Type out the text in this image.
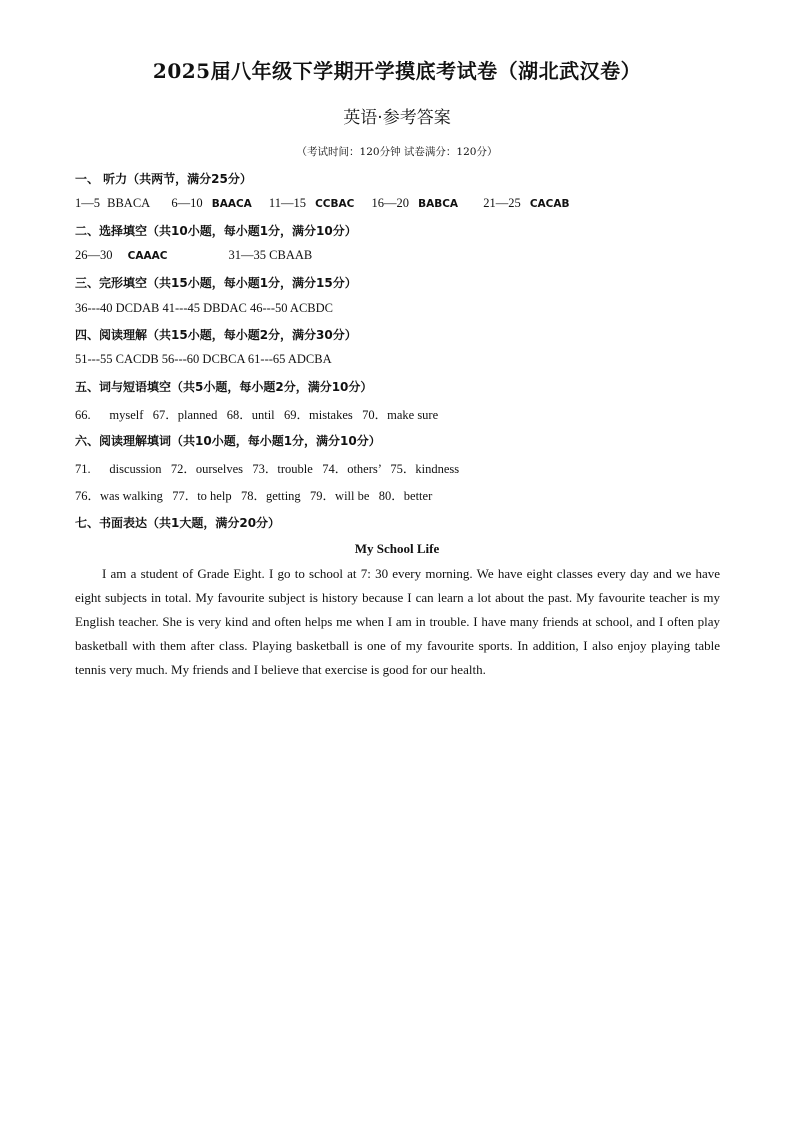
2025届八年级下学期开学摸底考试卷（湖北武汉卷）
英语·参考答案
（考试时间：120分钟 试卷满分：120分）
一、 听力（共两节，满分25分）
1—5 BBACA 6—10 BAACA 11—15 CCBAC 16—20 BABCA 21—25 CACAB
二、选择填空（共10小题，每小题1分，满分10分）
26—30 CAAAC	31—35 CBAAB
三、完形填空（共15小题，每小题1分，满分15分）
36---40 DCDAB 41---45 DBDAC 46---50 ACBDC
四、阅读理解（共15小题，每小题2分，满分30分）
51---55 CACDB 56---60 DCBCA 61---65 ADCBA
五、词与短语填空（共5小题，每小题2分，满分10分）
66.      myself   67．planned   68．until   69．mistakes   70．make sure
六、阅读理解填词（共10小题，每小题1分，满分10分）
71.      discussion   72．ourselves   73．trouble   74．others’   75．kindness
76．was walking   77．to help   78．getting   79．will be   80．better
七、书面表达（共1大题，满分20分）
My School Life
I am a student of Grade Eight. I go to school at 7: 30 every morning. We have eight classes every day and we have eight subjects in total. My favourite subject is history because I can learn a lot about the past. My favourite teacher is my English teacher. She is very kind and often helps me when I am in trouble. I have many friends at school, and I often play basketball with them after class. Playing basketball is one of my favourite sports. In addition, I also enjoy playing table tennis very much. My friends and I believe that exercise is good for our health.
